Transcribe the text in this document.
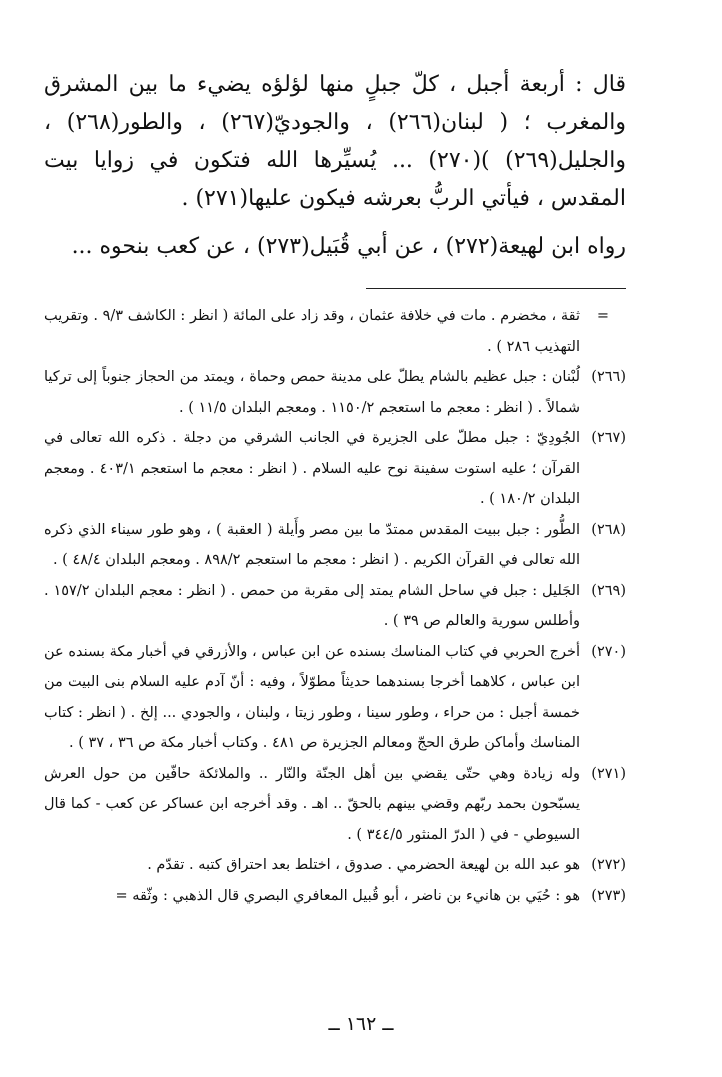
قال : أربعة أجبل ، كلّ جبلٍ منها لؤلؤه يضيء ما بين المشرق والمغرب ؛ ( لبنان(٢٦٦) ، والجوديّ(٢٦٧) ، والطور(٢٦٨) ، والجليل(٢٦٩) )(٢٧٠) ... يُسيِّرها الله فتكون في زوايا بيت المقدس ، فيأتي الربُّ بعرشه فيكون عليها(٢٧١) .

رواه ابن لهيعة(٢٧٢) ، عن أبي قُبَيل(٢٧٣) ، عن كعب بنحوه ...

=
ثقة ، مخضرم . مات في خلافة عثمان ، وقد زاد على المائة ( انظر : الكاشف ٩/٣ . وتقريب التهذيب ٢٨٦ ) .
(٢٦٦)
لُبْنان : جبل عظيم بالشام يطلّ على مدينة حمص وحماة ، ويمتد من الحجاز جنوباً إلى تركيا شمالاً . ( انظر : معجم ما استعجم ١١٥٠/٢ . ومعجم البلدان ١١/٥ ) .
(٢٦٧)
الجُودِيّ : جبل مطلّ على الجزيرة في الجانب الشرقي من دجلة . ذكره الله تعالى في القرآن ؛ عليه استوت سفينة نوح عليه السلام . ( انظر : معجم ما استعجم ٤٠٣/١ . ومعجم البلدان ١٨٠/٢ ) .
(٢٦٨)
الطُّور : جبل ببيت المقدس ممتدّ ما بين مصر وأَيلة ( العقبة ) ، وهو طور سيناء الذي ذكره الله تعالى في القرآن الكريم . ( انظر : معجم ما استعجم ٨٩٨/٢ . ومعجم البلدان ٤٨/٤ ) .
(٢٦٩)
الجَليل : جبل في ساحل الشام يمتد إلى مقربة من حمص . ( انظر : معجم البلدان ١٥٧/٢ . وأطلس سورية والعالم ص ٣٩ ) .
(٢٧٠)
أخرج الحربي في كتاب المناسك بسنده عن ابن عباس ، والأزرقي في أخبار مكة بسنده عن ابن عباس ، كلاهما أخرجا بسندهما حديثاً مطوّلاً ، وفيه : أنّ آدم عليه السلام بنى البيت من خمسة أجبل : من حراء ، وطور سينا ، وطور زيتا ، ولبنان ، والجودي ... إلخ . ( انظر : كتاب المناسك وأماكن طرق الحجّ ومعالم الجزيرة ص ٤٨١ . وكتاب أخبار مكة ص ٣٦ ، ٣٧ ) .
(٢٧١)
وله زيادة وهي حتّى يقضي بين أهل الجنّة والنّار .. والملائكة حافّين من حول العرش يسبّحون بحمد ربّهم وقضي بينهم بالحقّ .. اهـ . وقد أخرجه ابن عساكر عن كعب - كما قال السيوطي - في ( الدرّ المنثور ٣٤٤/٥ ) .
(٢٧٢)
هو عبد الله بن لهيعة الحضرمي . صدوق ، اختلط بعد احتراق كتبه . تقدّم .
(٢٧٣)
هو : حُيَي بن هانيء بن ناضر ، أبو قُبيل المعافري البصري قال الذهبي : وثّقه =
ــ ١٦٢ ــ
